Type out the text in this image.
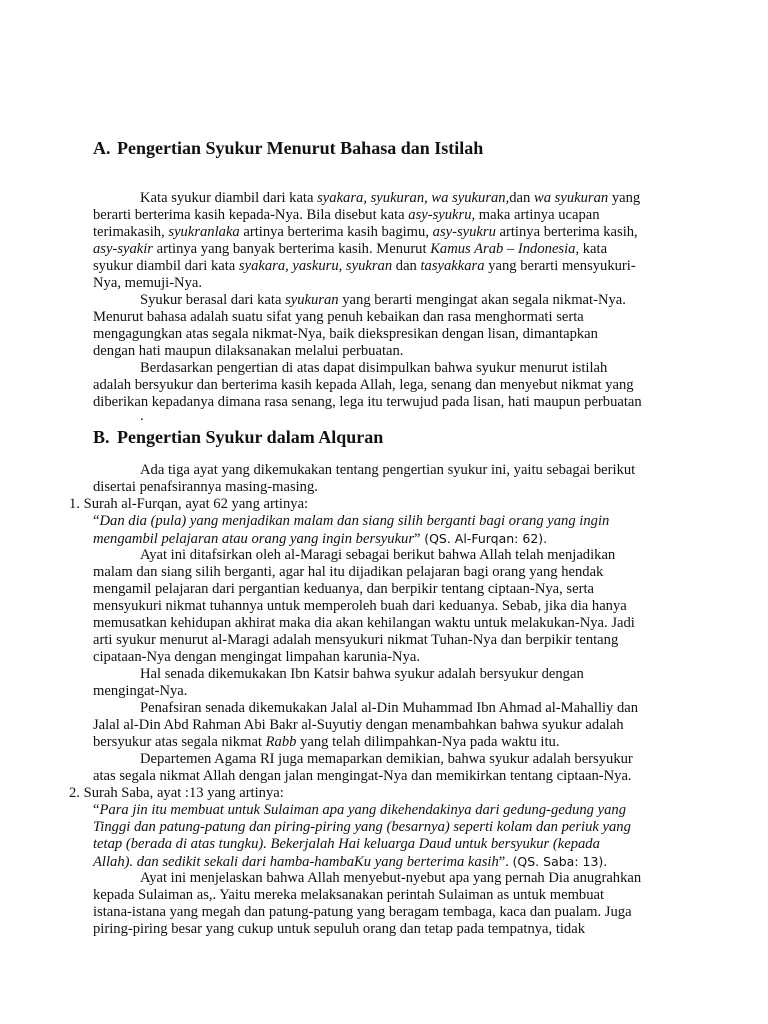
A. Pengertian Syukur Menurut Bahasa dan Istilah

Kata syukur diambil dari kata syakara, syukuran, wa syukuran,dan wa syukuran yang

berarti berterima kasih kepada-Nya. Bila disebut kata asy-syukru, maka artinya ucapan

terimakasih, syukranlaka artinya berterima kasih bagimu, asy-syukru artinya berterima kasih,

asy-syakir artinya yang banyak berterima kasih. Menurut Kamus Arab – Indonesia, kata

syukur diambil dari kata syakara, yaskuru, syukran dan tasyakkara yang berarti mensyukuri-

Nya, memuji-Nya.

Syukur berasal dari kata syukuran yang berarti mengingat akan segala nikmat-Nya.

Menurut bahasa adalah suatu sifat yang penuh kebaikan dan rasa menghormati serta

mengagungkan atas segala nikmat-Nya, baik diekspresikan dengan lisan, dimantapkan

dengan hati maupun dilaksanakan melalui perbuatan.

Berdasarkan pengertian di atas dapat disimpulkan bahwa syukur menurut istilah

adalah bersyukur dan berterima kasih kepada Allah, lega, senang dan menyebut nikmat yang

diberikan kepadanya dimana rasa senang, lega itu terwujud pada lisan, hati maupun perbuatan

.

B. Pengertian Syukur dalam Alquran

Ada tiga ayat yang dikemukakan tentang pengertian syukur ini, yaitu sebagai berikut

disertai penafsirannya masing-masing.

1. Surah al-Furqan, ayat 62 yang artinya:

“Dan dia (pula) yang menjadikan malam dan siang silih berganti bagi orang yang ingin

mengambil pelajaran atau orang yang ingin bersyukur” (QS. Al-Furqan: 62).

Ayat ini ditafsirkan oleh al-Maragi sebagai berikut bahwa Allah telah menjadikan

malam dan siang silih berganti, agar hal itu dijadikan pelajaran bagi orang yang hendak

mengamil pelajaran dari pergantian keduanya, dan berpikir tentang ciptaan-Nya, serta

mensyukuri nikmat tuhannya untuk memperoleh buah dari keduanya. Sebab, jika dia hanya

memusatkan kehidupan akhirat maka dia akan kehilangan waktu untuk melakukan-Nya. Jadi

arti syukur menurut al-Maragi adalah mensyukuri nikmat Tuhan-Nya dan berpikir tentang

cipataan-Nya dengan mengingat limpahan karunia-Nya.

Hal senada dikemukakan Ibn Katsir bahwa syukur adalah bersyukur dengan

mengingat-Nya.

Penafsiran senada dikemukakan Jalal al-Din Muhammad Ibn Ahmad al-Mahalliy dan

Jalal al-Din Abd Rahman Abi Bakr al-Suyutiy dengan menambahkan bahwa syukur adalah

bersyukur atas segala nikmat Rabb yang telah dilimpahkan-Nya pada waktu itu.

Departemen Agama RI juga memaparkan demikian, bahwa syukur adalah bersyukur

atas segala nikmat Allah dengan jalan mengingat-Nya dan memikirkan tentang ciptaan-Nya.

2. Surah Saba, ayat :13 yang artinya:

“Para jin itu membuat untuk Sulaiman apa yang dikehendakinya dari gedung-gedung yang

Tinggi dan patung-patung dan piring-piring yang (besarnya) seperti kolam dan periuk yang

tetap (berada di atas tungku). Bekerjalah Hai keluarga Daud untuk bersyukur (kepada

Allah). dan sedikit sekali dari hamba-hambaKu yang berterima kasih”. (QS. Saba: 13).

Ayat ini menjelaskan bahwa Allah menyebut-nyebut apa yang pernah Dia anugrahkan

kepada Sulaiman as,. Yaitu mereka melaksanakan perintah Sulaiman as untuk membuat

istana-istana yang megah dan patung-patung yang beragam tembaga, kaca dan pualam. Juga

piring-piring besar yang cukup untuk sepuluh orang dan tetap pada tempatnya, tidak
